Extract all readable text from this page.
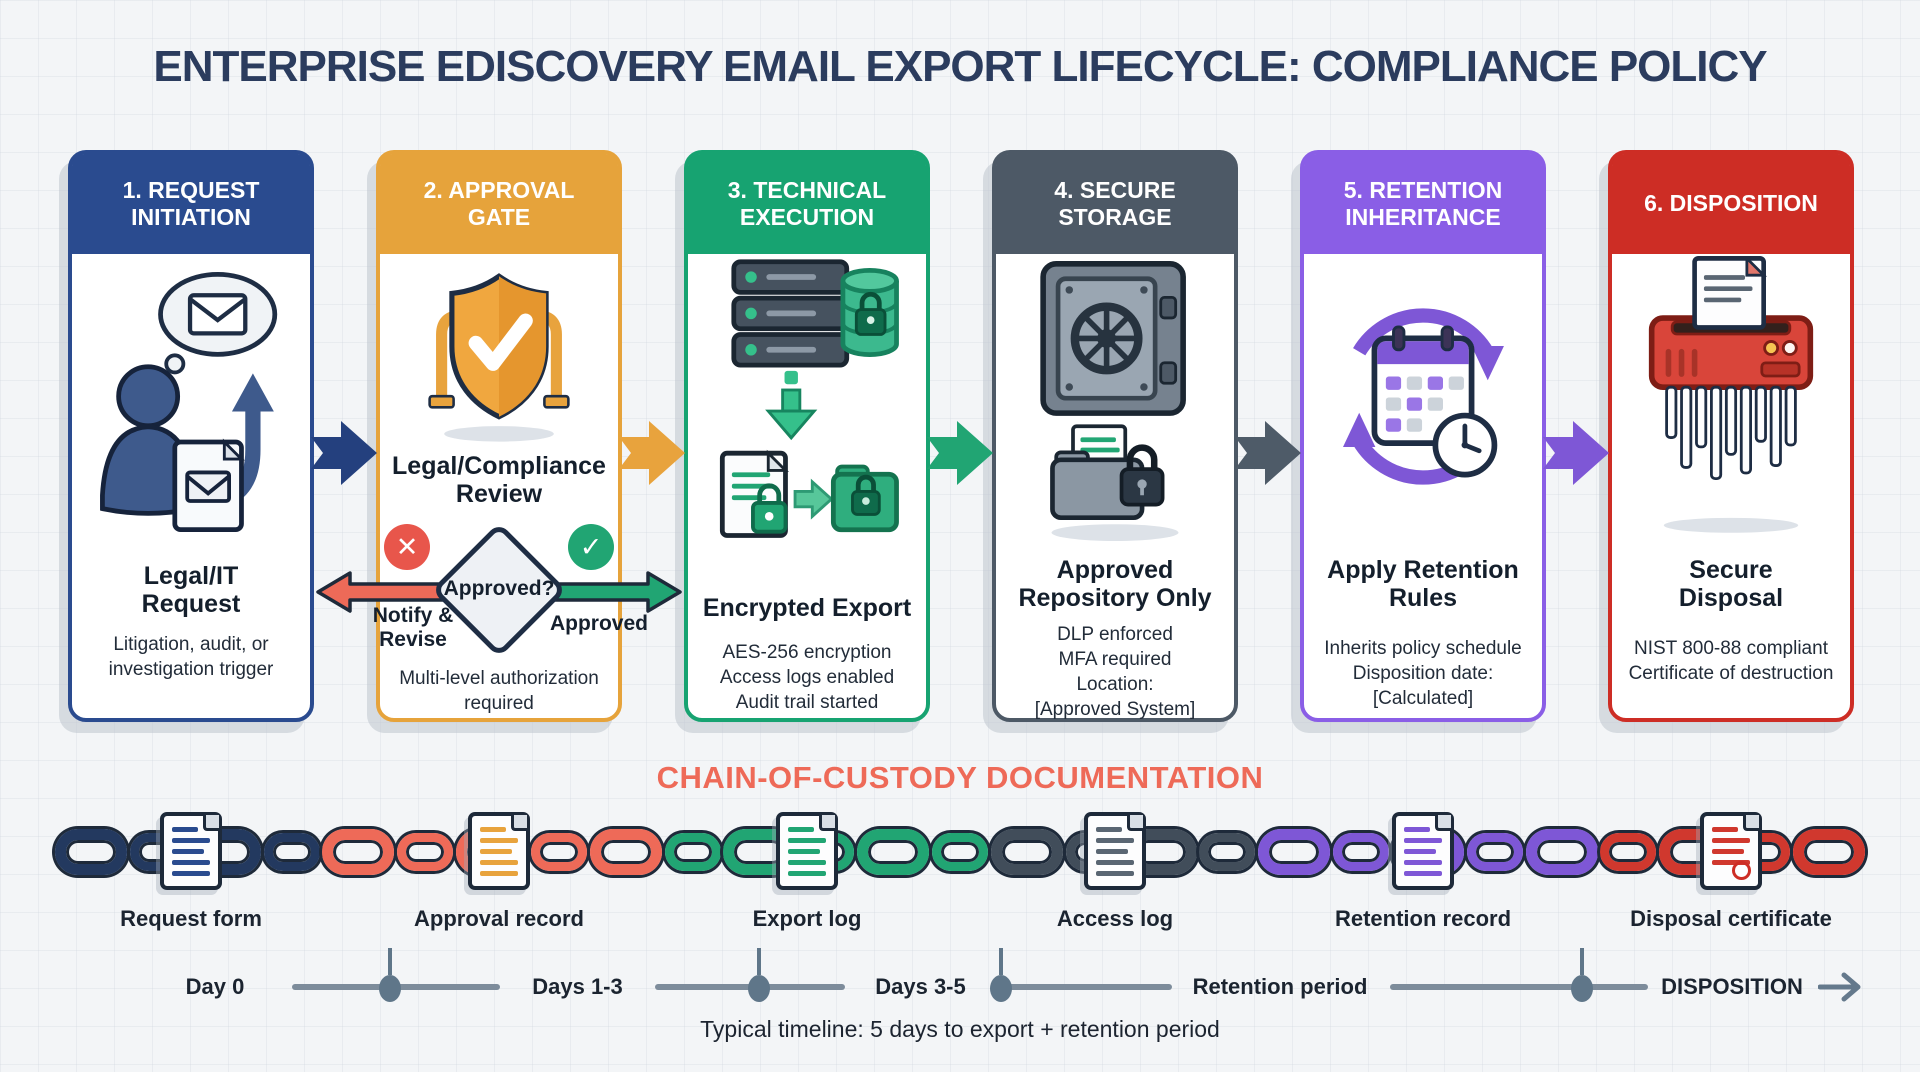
ENTERPRISE EDISCOVERY EMAIL EXPORT LIFECYCLE: COMPLIANCE POLICY
1. REQUEST INITIATION
Legal/IT Request
Litigation, audit, or investigation trigger
2. APPROVAL GATE
Legal/Compliance Review
Multi-level authorization required
3. TECHNICAL EXECUTION
Encrypted Export
AES-256 encryption
Access logs enabled
Audit trail started
4. SECURE STORAGE
Approved Repository Only
DLP enforced
MFA required
Location:
[Approved System]
5. RETENTION INHERITANCE
Apply Retention Rules
Inherits policy schedule
Disposition date:
[Calculated]
6. DISPOSITION
Secure Disposal
NIST 800-88 compliant
Certificate of destruction
✕	✓
Approved?
Notify & Revise
Approved
CHAIN-OF-CUSTODY DOCUMENTATION
Request form	Approval record	Export log	Access log	Retention record	Disposal certificate
Day 0	Days 1-3	Days 3-5	Retention period	DISPOSITION
Typical timeline: 5 days to export + retention period
